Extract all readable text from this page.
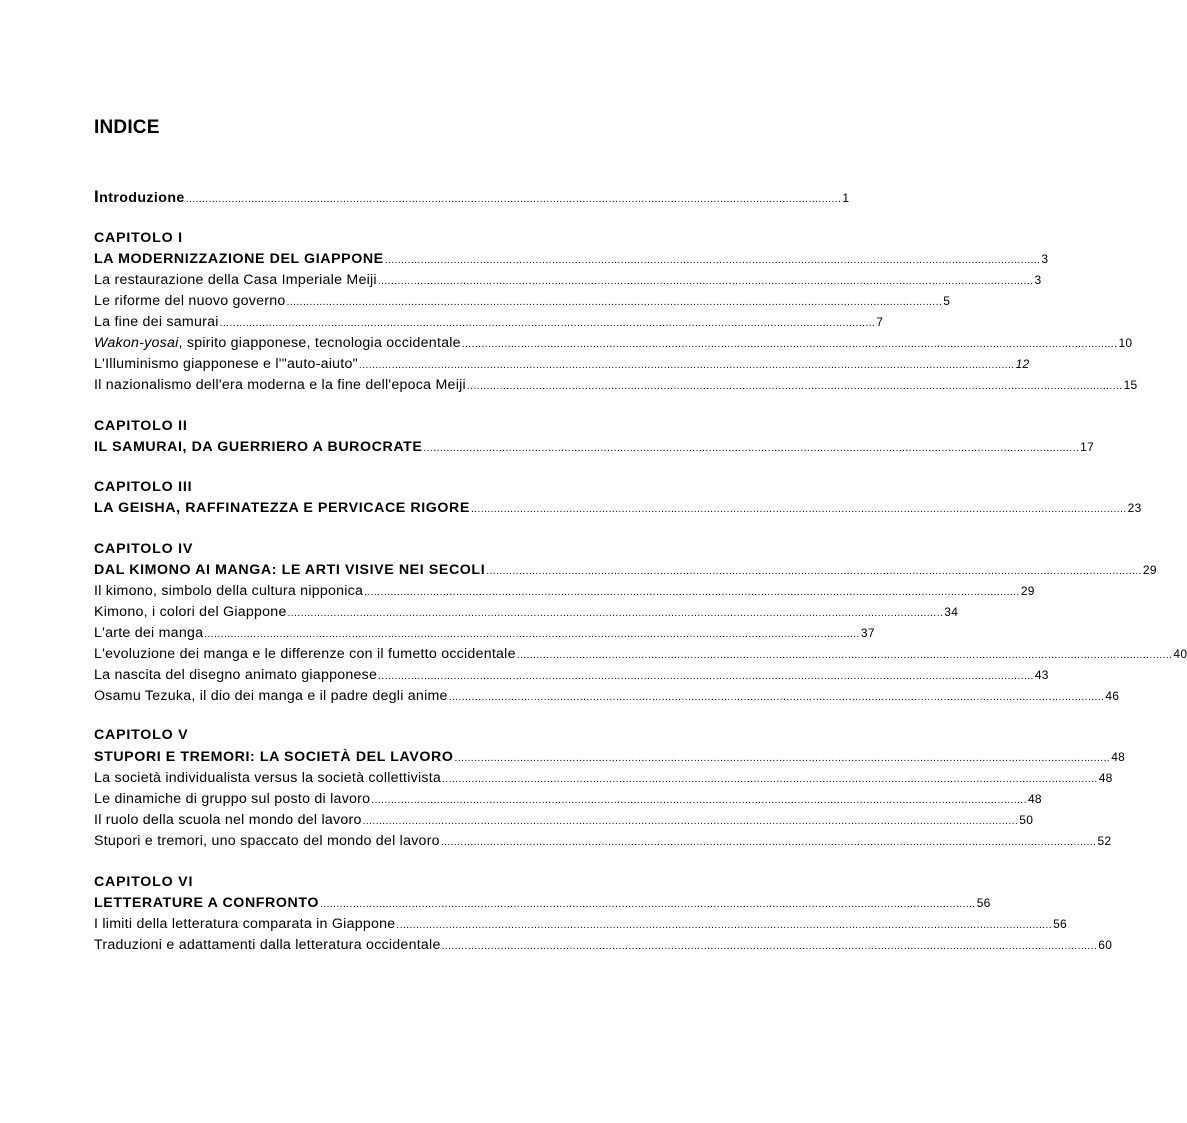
INDICE
Introduzione ........................................................................................................................................................................................................ 1
CAPITOLO I
LA MODERNIZZAZIONE DEL GIAPPONE ........................................................................................................................................................................................................ 3
La restaurazione della Casa Imperiale Meiji ........................................................................................................................................................................................................ 3
Le riforme del nuovo governo ........................................................................................................................................................................................................ 5
La fine dei samurai ........................................................................................................................................................................................................ 7
Wakon-yosai, spirito giapponese, tecnologia occidentale ........................................................................................................................................................................................................ 10
L'Illuminismo giapponese e l'"auto-aiuto" ........................................................................................................................................................................................................ 12
Il nazionalismo dell'era moderna e la fine dell'epoca Meiji ........................................................................................................................................................................................................ 15
CAPITOLO II
IL SAMURAI, DA GUERRIERO A BUROCRATE ........................................................................................................................................................................................................ 17
CAPITOLO III
LA GEISHA, RAFFINATEZZA E PERVICACE RIGORE ........................................................................................................................................................................................................ 23
CAPITOLO IV
DAL KIMONO AI MANGA: LE ARTI VISIVE NEI SECOLI ........................................................................................................................................................................................................ 29
Il kimono, simbolo della cultura nipponica ........................................................................................................................................................................................................ 29
Kimono, i colori del Giappone ........................................................................................................................................................................................................ 34
L'arte dei manga ........................................................................................................................................................................................................ 37
L'evoluzione dei manga e le differenze con il fumetto occidentale ........................................................................................................................................................................................................ 40
La nascita del disegno animato giapponese ........................................................................................................................................................................................................ 43
Osamu Tezuka, il dio dei manga e il padre degli anime ........................................................................................................................................................................................................ 46
CAPITOLO V
STUPORI E TREMORI: LA SOCIETÀ DEL LAVORO ........................................................................................................................................................................................................ 48
La società individualista versus la società collettivista ........................................................................................................................................................................................................ 48
Le dinamiche di gruppo sul posto di lavoro ........................................................................................................................................................................................................ 48
Il ruolo della scuola nel mondo del lavoro ........................................................................................................................................................................................................ 50
Stupori e tremori, uno spaccato del mondo del lavoro ........................................................................................................................................................................................................ 52
CAPITOLO VI
LETTERATURE A CONFRONTO ........................................................................................................................................................................................................ 56
I limiti della letteratura comparata in Giappone ........................................................................................................................................................................................................ 56
Traduzioni e adattamenti dalla letteratura occidentale ........................................................................................................................................................................................................ 60
